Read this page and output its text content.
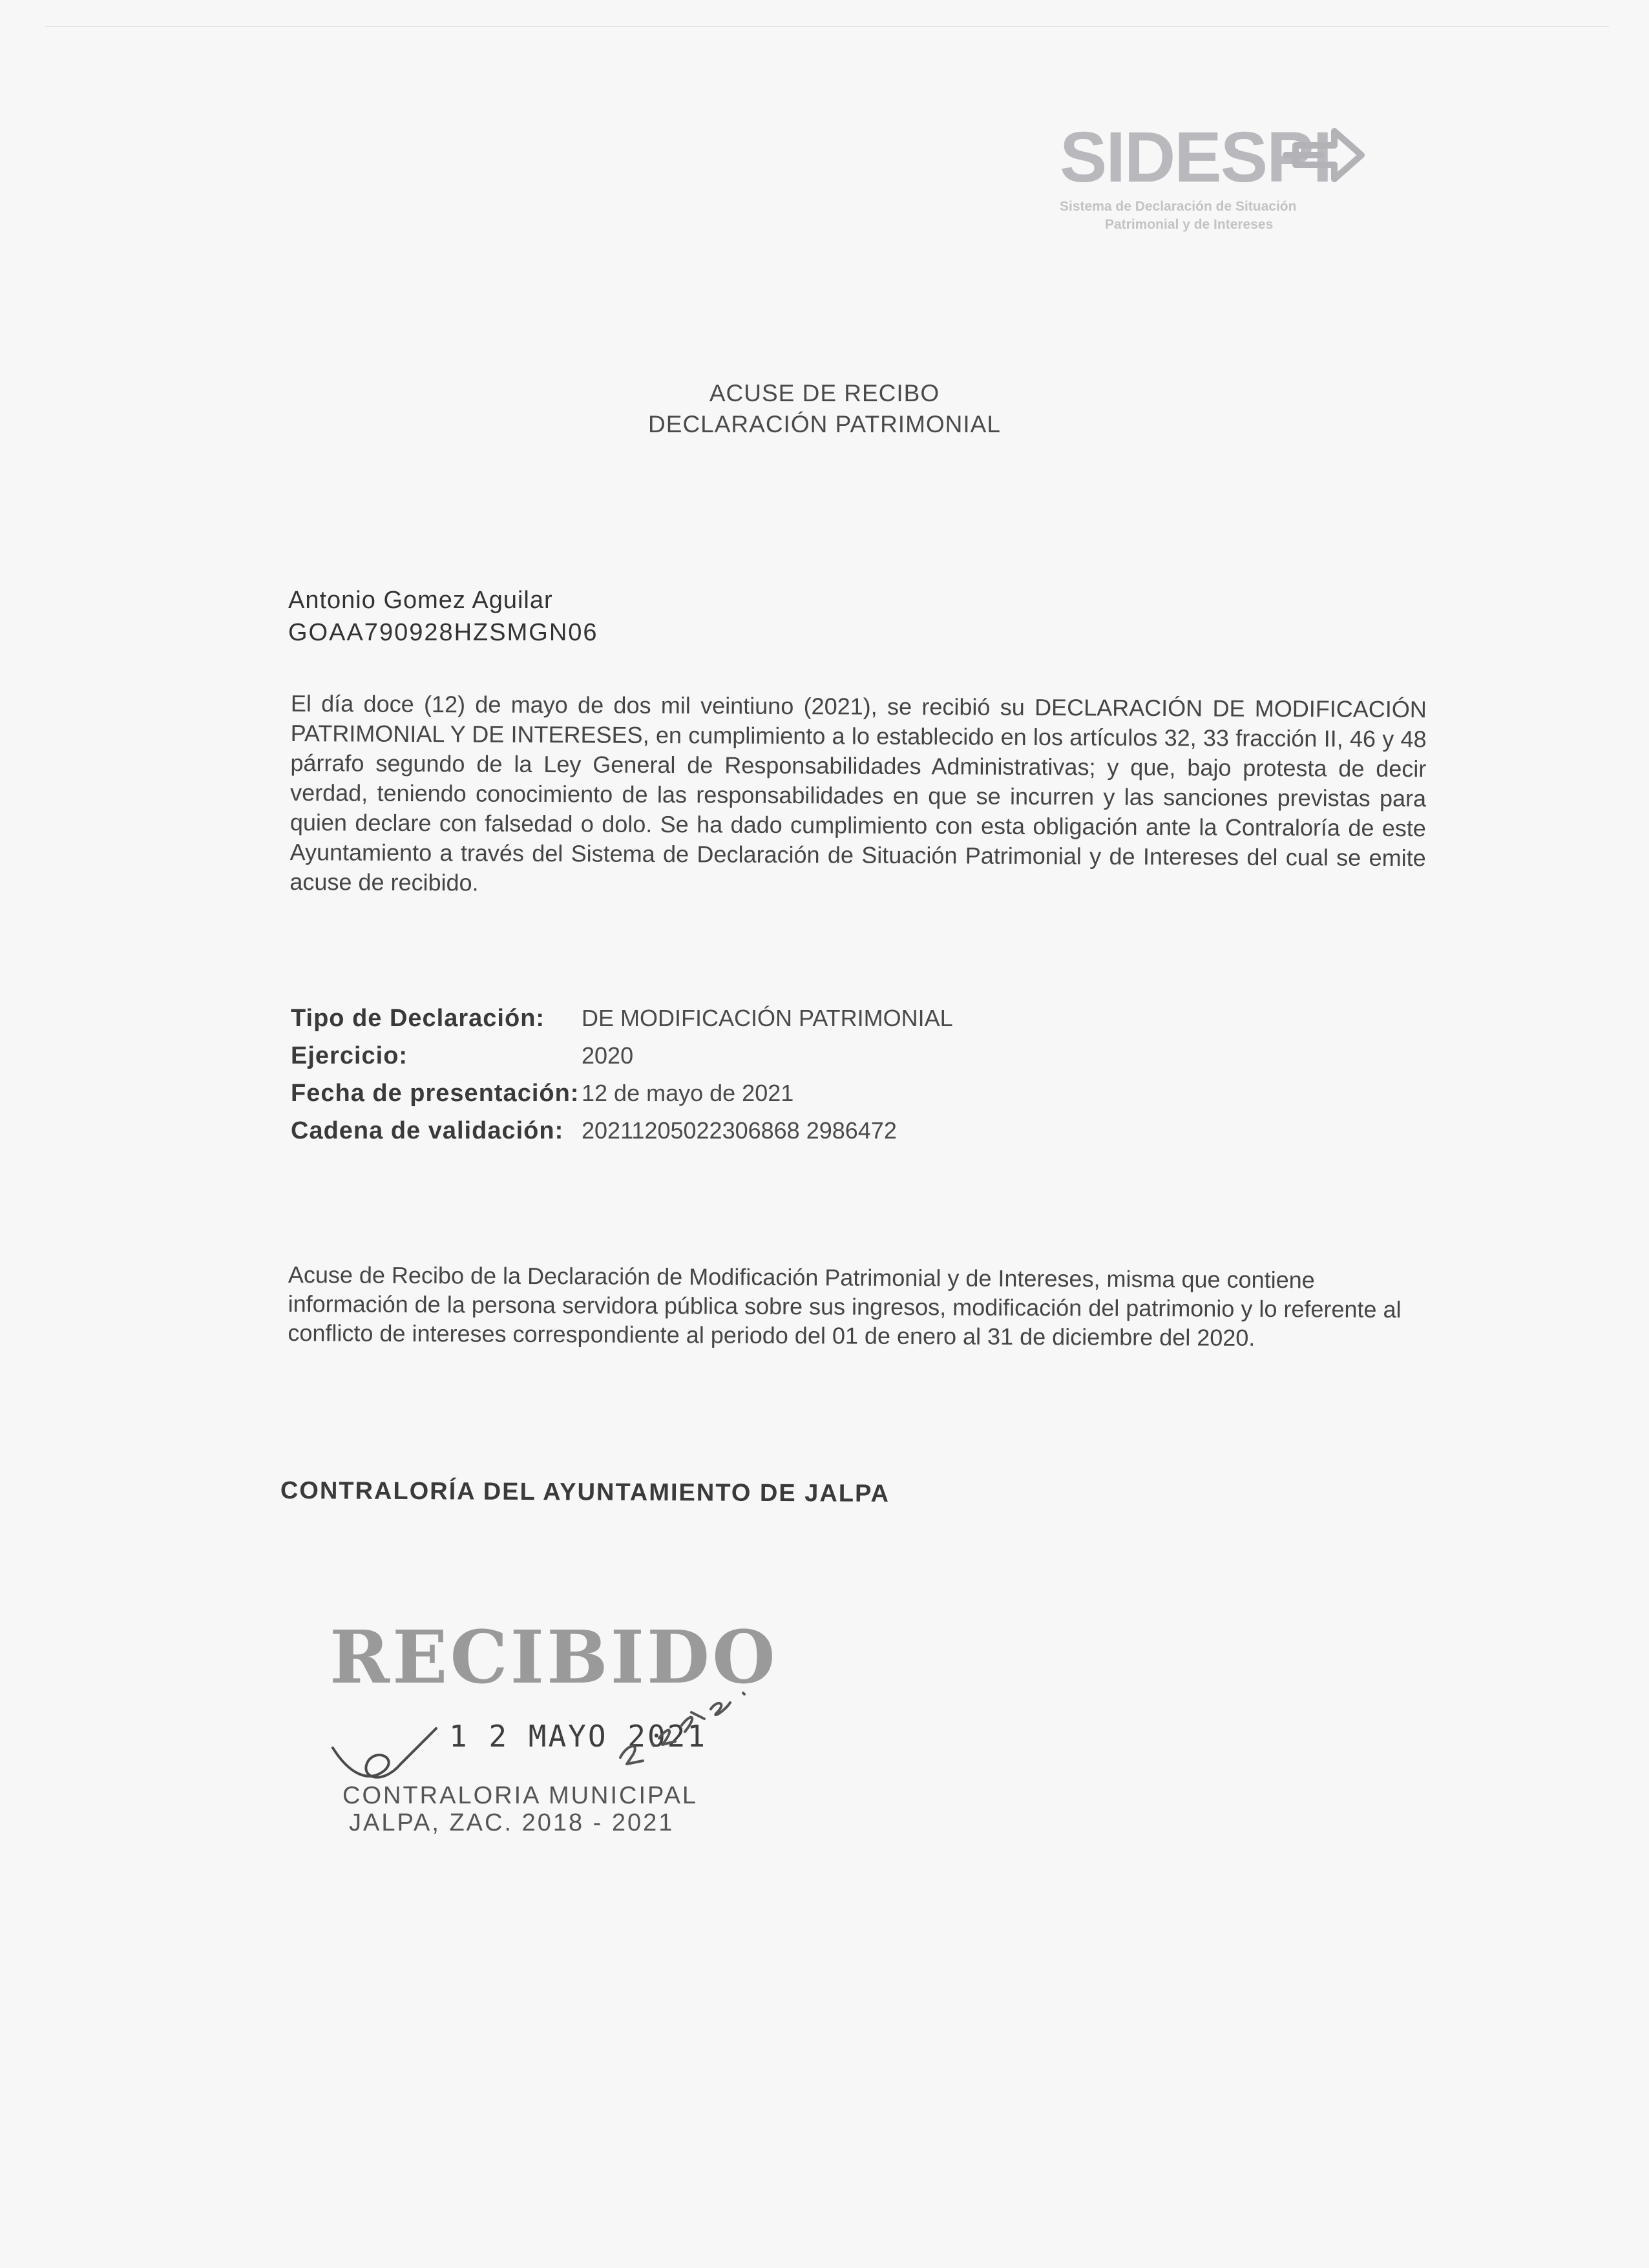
SIDESPI
Sistema de Declaración de Situación
Patrimonial y de Intereses
ACUSE DE RECIBO
DECLARACIÓN PATRIMONIAL
Antonio Gomez Aguilar
GOAA790928HZSMGN06
El día doce (12) de mayo de dos mil veintiuno (2021), se recibió su DECLARACIÓN DE MODIFICACIÓN PATRIMONIAL Y DE INTERESES, en cumplimiento a lo establecido en los artículos 32, 33 fracción II, 46 y 48 párrafo segundo de la Ley General de Responsabilidades Administrativas; y que, bajo protesta de decir verdad, teniendo conocimiento de las responsabilidades en que se incurren y las sanciones previstas para quien declare con falsedad o dolo. Se ha dado cumplimiento con esta obligación ante la Contraloría de este Ayuntamiento a través del Sistema de Declaración de Situación Patrimonial y de Intereses del cual se emite acuse de recibido.
Tipo de Declaración: DE MODIFICACIÓN PATRIMONIAL
Ejercicio:	2020
Fecha de presentación: 12 de mayo de 2021
Cadena de validación: 20211205022306868 2986472
Acuse de Recibo de la Declaración de Modificación Patrimonial y de Intereses, misma que contiene información de la persona servidora pública sobre sus ingresos, modificación del patrimonio y lo referente al conflicto de intereses correspondiente al periodo del 01 de enero al 31 de diciembre del 2020.
CONTRALORÍA DEL AYUNTAMIENTO DE JALPA
RECIBIDO
1 2 MAYO 2021
CONTRALORIA MUNICIPAL
JALPA, ZAC. 2018 - 2021
